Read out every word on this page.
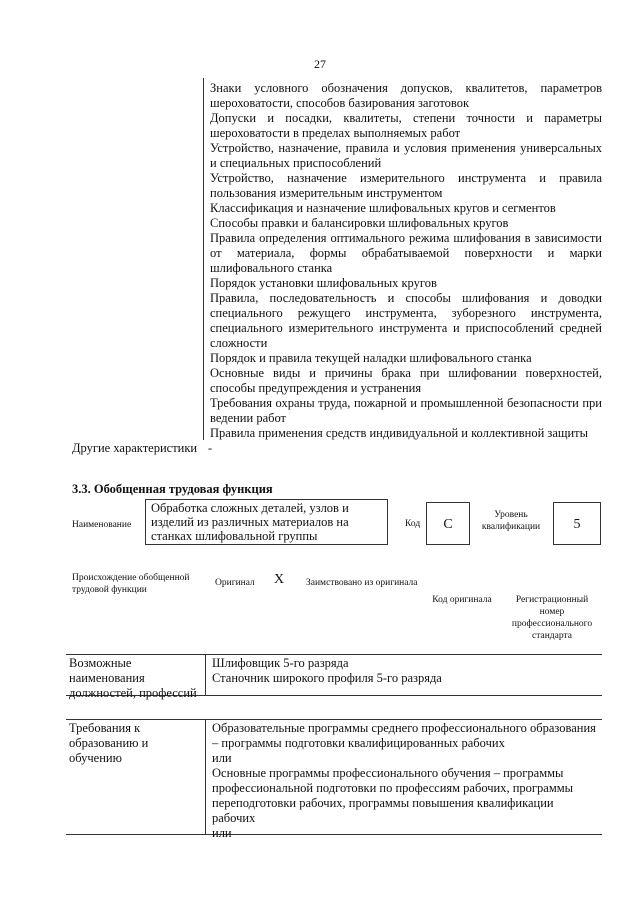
27
Знаки условного обозначения допусков, квалитетов, параметров шероховатости, способов базирования заготовок
Допуски и посадки, квалитеты, степени точности и параметры шероховатости в пределах выполняемых работ
Устройство, назначение, правила и условия применения универсальных и специальных приспособлений
Устройство, назначение измерительного инструмента и правила пользования измерительным инструментом
Классификация и назначение шлифовальных кругов и сегментов
Способы правки и балансировки шлифовальных кругов
Правила определения оптимального режима шлифования в зависимости от материала, формы обрабатываемой поверхности и марки шлифовального станка
Порядок установки шлифовальных кругов
Правила, последовательность и способы шлифования и доводки специального режущего инструмента, зуборезного инструмента, специального измерительного инструмента и приспособлений средней сложности
Порядок и правила текущей наладки шлифовального станка
Основные виды и причины брака при шлифовании поверхностей, способы предупреждения и устранения
Требования охраны труда, пожарной и промышленной безопасности при ведении работ
Правила применения средств индивидуальной и коллективной защиты
Другие характеристики -
3.3. Обобщенная трудовая функция
Наименование
Обработка сложных деталей, узлов и изделий из различных материалов на станках шлифовальной группы
Код	C
Уровень квалификации	5
Происхождение обобщенной трудовой функции
Оригинал X Заимствовано из оригинала
Код оригинала	Регистрационный номер профессионального стандарта
Возможные наименования должностей, профессий
Шлифовщик 5-го разряда
Станочник широкого профиля 5-го разряда
Требования к образованию и обучению
Образовательные программы среднего профессионального образования – программы подготовки квалифицированных рабочих
или
Основные программы профессионального обучения – программы профессиональной подготовки по профессиям рабочих, программы переподготовки рабочих, программы повышения квалификации рабочих
или
